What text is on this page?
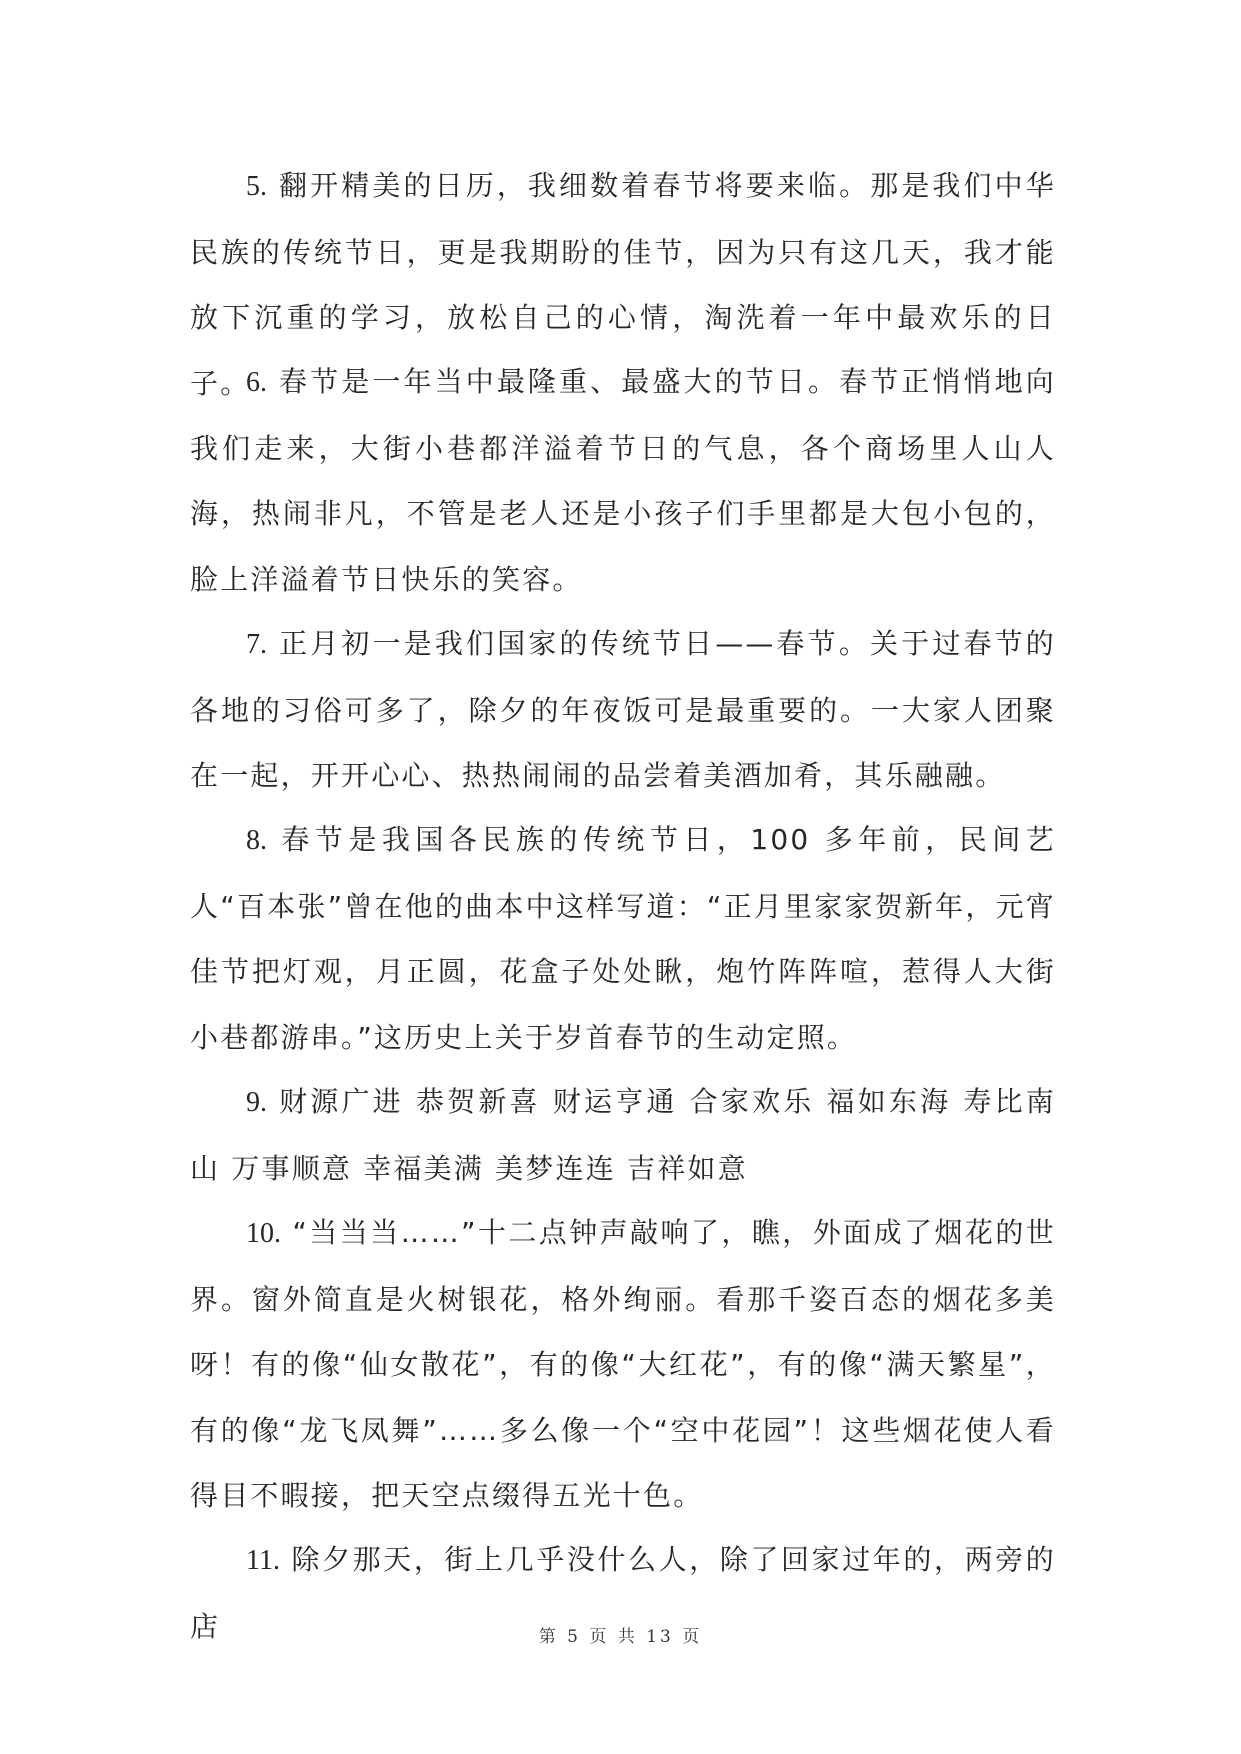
5. 翻开精美的日历，我细数着春节将要来临。那是我们中华民族的传统节日，更是我期盼的佳节，因为只有这几天，我才能放下沉重的学习，放松自己的心情，淘洗着一年中最欢乐的日子。

6. 春节是一年当中最隆重、最盛大的节日。春节正悄悄地向我们走来，大街小巷都洋溢着节日的气息，各个商场里人山人海，热闹非凡，不管是老人还是小孩子们手里都是大包小包的，脸上洋溢着节日快乐的笑容。

7. 正月初一是我们国家的传统节日——春节。关于过春节的各地的习俗可多了，除夕的年夜饭可是最重要的。一大家人团聚在一起，开开心心、热热闹闹的品尝着美酒加肴，其乐融融。

8. 春节是我国各民族的传统节日，100 多年前，民间艺人“百本张”曾在他的曲本中这样写道：“正月里家家贺新年，元宵佳节把灯观，月正圆，花盒子处处瞅，炮竹阵阵喧，惹得人大街小巷都游串。”这历史上关于岁首春节的生动定照。

9. 财源广进 恭贺新喜 财运亨通 合家欢乐 福如东海 寿比南山 万事顺意 幸福美满 美梦连连 吉祥如意

10. “当当当……”十二点钟声敲响了，瞧，外面成了烟花的世界。窗外简直是火树银花，格外绚丽。看那千姿百态的烟花多美呀！有的像“仙女散花”，有的像“大红花”，有的像“满天繁星”，有的像“龙飞凤舞”……多么像一个“空中花园”！这些烟花使人看得目不暇接，把天空点缀得五光十色。

11. 除夕那天，街上几乎没什么人，除了回家过年的，两旁的店	第 5 页 共 13 页
